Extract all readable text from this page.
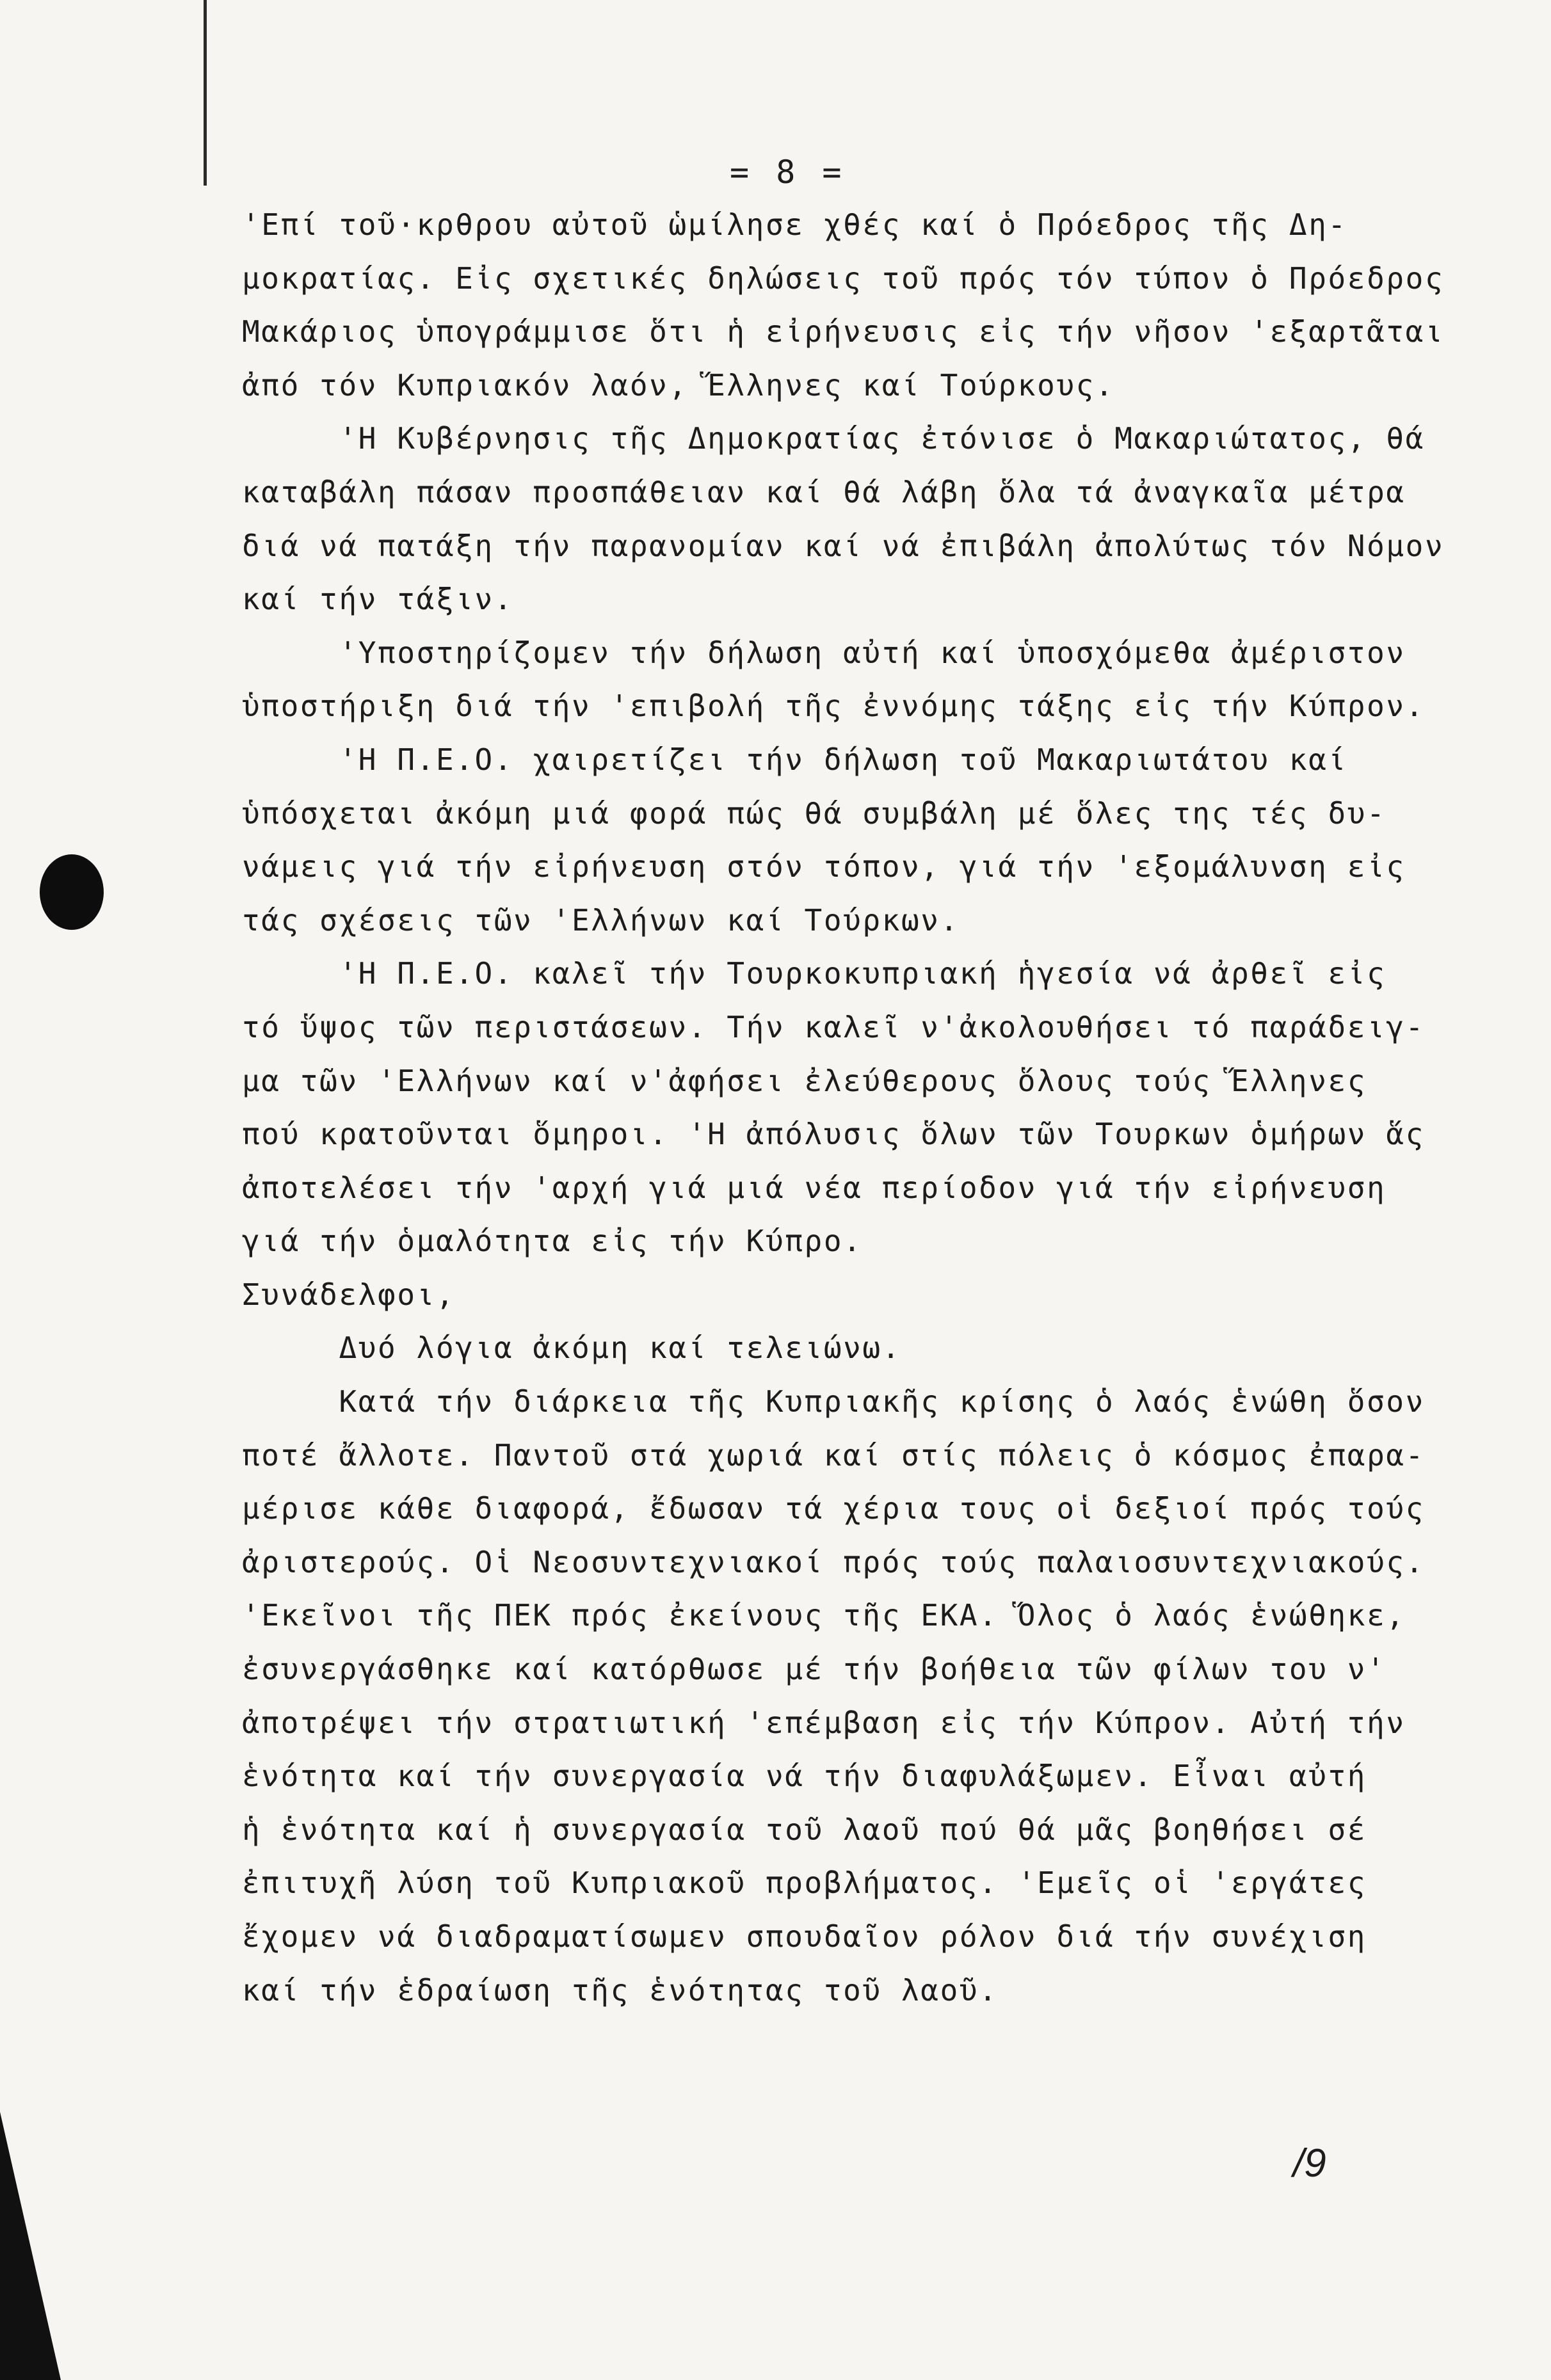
= 8 =
'Επί τοῦ·κρθρου αὐτοῦ ὡμίλησε χθές καί ὁ Πρόεδρος τῆς Δη-
μοκρατίας. Εἰς σχετικές δηλώσεις τοῦ πρός τόν τύπον ὁ Πρόεδρος
Μακάριος ὑπογράμμισε ὅτι ἡ εἰρήνευσις εἰς τήν νῆσον 'εξαρτᾶται
ἀπό τόν Κυπριακόν λαόν, Ἕλληνες καί Τούρκους.
'Η Κυβέρνησις τῆς Δημοκρατίας ἐτόνισε ὁ Μακαριώτατος, θά
καταβάλη πάσαν προσπάθειαν καί θά λάβη ὅλα τά ἀναγκαῖα μέτρα
διά νά πατάξη τήν παρανομίαν καί νά ἐπιβάλη ἀπολύτως τόν Νόμον
καί τήν τάξιν.
'Υποστηρίζομεν τήν δήλωση αὐτή καί ὑποσχόμεθα ἀμέριστον
ὑποστήριξη διά τήν 'επιβολή τῆς ἐννόμης τάξης εἰς τήν Κύπρον.
'Η Π.Ε.Ο. χαιρετίζει τήν δήλωση τοῦ Μακαριωτάτου καί
ὑπόσχεται ἀκόμη μιά φορά πώς θά συμβάλη μέ ὅλες της τές δυ-
νάμεις γιά τήν εἰρήνευση στόν τόπον, γιά τήν 'εξομάλυνση εἰς
τάς σχέσεις τῶν 'Ελλήνων καί Τούρκων.
'Η Π.Ε.Ο. καλεῖ τήν Τουρκοκυπριακή ἡγεσία νά ἀρθεῖ εἰς
τό ὕψος τῶν περιστάσεων. Τήν καλεῖ ν'ἀκολουθήσει τό παράδειγ-
μα τῶν 'Ελλήνων καί ν'ἀφήσει ἐλεύθερους ὅλους τούς Ἕλληνες
πού κρατοῦνται ὅμηροι. 'Η ἀπόλυσις ὅλων τῶν Τουρκων ὁμήρων ἅς
ἀποτελέσει τήν 'αρχή γιά μιά νέα περίοδον γιά τήν εἰρήνευση
γιά τήν ὁμαλότητα εἰς τήν Κύπρο.
Συνάδελφοι,
Δυό λόγια ἀκόμη καί τελειώνω.
Κατά τήν διάρκεια τῆς Κυπριακῆς κρίσης ὁ λαός ἑνώθη ὅσον
ποτέ ἄλλοτε. Παντοῦ στά χωριά καί στίς πόλεις ὁ κόσμος ἐπαρα-
μέρισε κάθε διαφορά, ἔδωσαν τά χέρια τους οἱ δεξιοί πρός τούς
ἀριστερούς. Οἱ Νεοσυντεχνιακοί πρός τούς παλαιοσυντεχνιακούς.
'Εκεῖνοι τῆς ΠΕΚ πρός ἐκείνους τῆς ΕΚΑ. Ὅλος ὁ λαός ἑνώθηκε,
ἐσυνεργάσθηκε καί κατόρθωσε μέ τήν βοήθεια τῶν φίλων του ν'
ἀποτρέψει τήν στρατιωτική 'επέμβαση εἰς τήν Κύπρον. Αὐτή τήν
ἑνότητα καί τήν συνεργασία νά τήν διαφυλάξωμεν. Εἶναι αὐτή
ἡ ἑνότητα καί ἡ συνεργασία τοῦ λαοῦ πού θά μᾶς βοηθήσει σέ
ἐπιτυχῆ λύση τοῦ Κυπριακοῦ προβλήματος. 'Εμεῖς οἱ 'εργάτες
ἔχομεν νά διαδραματίσωμεν σπουδαῖον ρόλον διά τήν συνέχιση
καί τήν ἑδραίωση τῆς ἑνότητας τοῦ λαοῦ.
/9
